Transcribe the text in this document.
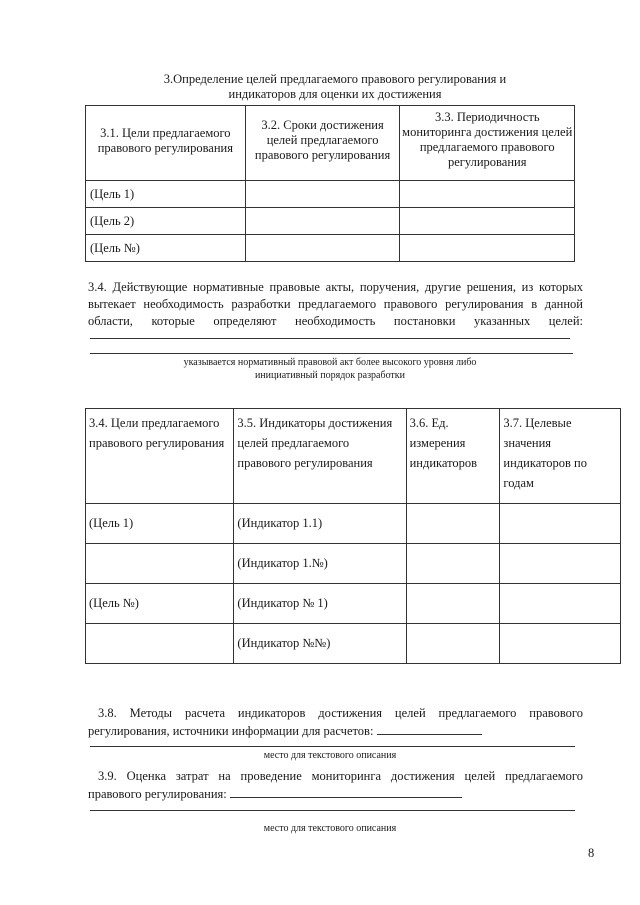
3.Определение целей предлагаемого правового регулирования и
индикаторов для оценки их достижения
3.1. Цели предлагаемого правового регулирования	3.2. Сроки достижения целей предлагаемого правового регулирования	3.3. Периодичность мониторинга достижения целей предлагаемого правового регулирования
(Цель 1)		
(Цель 2)		
(Цель №)		
3.4. Действующие нормативные правовые акты, поручения, другие решения, из которых
вытекает необходимость разработки предлагаемого правового регулирования в данной
области, которые определяют необходимость постановки указанных целей:
указывается нормативный правовой акт более высокого уровня либо
инициативный порядок разработки
3.4. Цели предлагаемого правового регулирования	3.5. Индикаторы достижения целей предлагаемого правового регулирования	3.6. Ед. измерения индикаторов	3.7. Целевые значения индикаторов по годам
(Цель 1)	(Индикатор 1.1)		
	(Индикатор 1.№)		
(Цель №)	(Индикатор № 1)		
	(Индикатор №№)		
3.8. Методы расчета индикаторов достижения целей предлагаемого правового
регулирования, источники информации для расчетов:
место для текстового описания
3.9. Оценка затрат на проведение мониторинга достижения целей предлагаемого
правового регулирования:
место для текстового описания
8
